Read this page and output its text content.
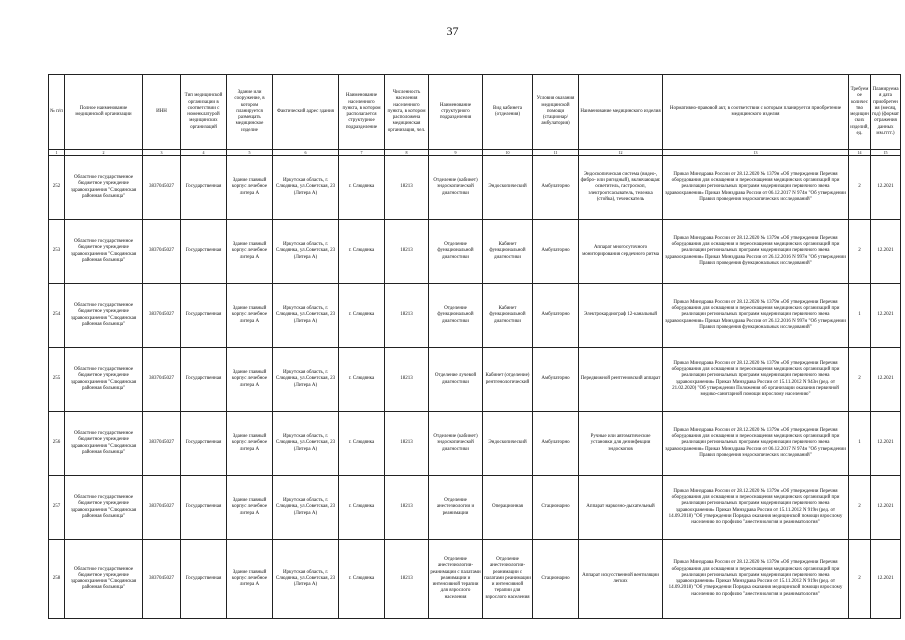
37
№ п/п	Полное наименование медицинской организации	ИНН	Тип медицинской организации в соответствии с номенклатурой медицинских организаций	Здание или сооружение, в котором планируется размещать медицинское изделие	Фактический адрес здания	Наименование населенного пункта, в котором располагается структурное подразделение	Численность населения населенного пункта, в котором расположена медицинская организация, чел.	Наименование структурного подразделения	Вид кабинета (отделения)	Условия оказания медицинской помощи (стационар/амбулатория)	Наименование медицинского изделия	Нормативно-правовой акт, в соответствии с которым планируется приобретение медицинского изделия	Требуемое количество медицинских изделий, ед.	Планируемая дата приобретения (месяц, год) (формат отражения данных мм.гггг.)
1	2	3	4	5	6	7	8	9	10	11	12	13	14	15
252	Областное государственное бюджетное учреждение здравоохранения "Слюдянская районная больница"	3837045027	Государственная	Здание главный корпус лечебное литера А	Иркутская область, г. Слюдянка, ул.Советская, 23 (Литера А)	г. Слюдянка	18213	Отделение (кабинет) эндоскопической диагностики	Эндоскопический	Амбулаторно	Эндоскопическая система (видео-, фибро- или ригидный), включающая: осветитель, гастроскоп, электроотсасыватель, тележка (стойка), течеискатель	Приказ Минздрава России от 28.12.2020 № 1379н «Об утверждении Перечня оборудования для оснащения и переоснащения медицинских организаций при реализации региональных программ модернизации первичного звена здравоохранения» Приказ Минздрава России от 06.12.2017 N 974н "Об утверждении Правил проведения эндоскопических исследований"	2	12.2021
253	Областное государственное бюджетное учреждение здравоохранения "Слюдянская районная больница"	3837045027	Государственная	Здание главный корпус лечебное литера А	Иркутская область, г. Слюдянка, ул.Советская, 23 (Литера А)	г. Слюдянка	18213	Отделение функциональной диагностики	Кабинет функциональной диагностики	Амбулаторно	Аппарат многосуточного мониторирования сердечного ритма	Приказ Минздрава России от 28.12.2020 № 1379н «Об утверждении Перечня оборудования для оснащения и переоснащения медицинских организаций при реализации региональных программ модернизации первичного звена здравоохранения» Приказ Минздрава России от 26.12.2016 N 997н "Об утверждении Правил проведения функциональных исследований"	2	12.2021
254	Областное государственное бюджетное учреждение здравоохранения "Слюдянская районная больница"	3837045027	Государственная	Здание главный корпус лечебное литера А	Иркутская область, г. Слюдянка, ул.Советская, 23 (Литера А)	г. Слюдянка	18213	Отделение функциональной диагностики	Кабинет функциональной диагностики	Амбулаторно	Электрокардиограф 12-канальный	Приказ Минздрава России от 28.12.2020 № 1379н «Об утверждении Перечня оборудования для оснащения и переоснащения медицинских организаций при реализации региональных программ модернизации первичного звена здравоохранения» Приказ Минздрава России от 26.12.2016 N 997н "Об утверждении Правил проведения функциональных исследований"	1	12.2021
255	Областное государственное бюджетное учреждение здравоохранения "Слюдянская районная больница"	3837045027	Государственная	Здание главный корпус лечебное литера А	Иркутская область, г. Слюдянка, ул.Советская, 23 (Литера А)	г. Слюдянка	18213	Отделение лучевой диагностики	Кабинет (отделение) рентгенологический	Амбулаторно	Передвижной рентгеновский аппарат	Приказ Минздрава России от 28.12.2020 № 1379н «Об утверждении Перечня оборудования для оснащения и переоснащения медицинских организаций при реализации региональных программ модернизации первичного звена здравоохранения» Приказ Минздрава России от 15.11.2012 N 943н (ред. от 21.02.2020) "Об утверждении Положения об организации оказания первичной медико-санитарной помощи взрослому населению"	2	12.2021
256	Областное государственное бюджетное учреждение здравоохранения "Слюдянская районная больница"	3837045027	Государственная	Здание главный корпус лечебное литера А	Иркутская область, г. Слюдянка, ул.Советская, 23 (Литера А)	г. Слюдянка	18213	Отделение (кабинет) эндоскопической диагностики	Эндоскопический	Амбулаторно	Ручные или автоматические установки для дезинфекции эндоскопов	Приказ Минздрава России от 28.12.2020 № 1379н «Об утверждении Перечня оборудования для оснащения и переоснащения медицинских организаций при реализации региональных программ модернизации первичного звена здравоохранения» Приказ Минздрава России от 06.12.2017 N 974н "Об утверждении Правил проведения эндоскопических исследований"	1	12.2021
257	Областное государственное бюджетное учреждение здравоохранения "Слюдянская районная больница"	3837045027	Государственная	Здание главный корпус лечебное литера А	Иркутская область, г. Слюдянка, ул.Советская, 23 (Литера А)	г. Слюдянка	18213	Отделение анестезиологии и реанимации	Операционная	Стационарно	Аппарат наркозно-дыхательный	Приказ Минздрава России от 28.12.2020 № 1379н «Об утверждении Перечня оборудования для оснащения и переоснащения медицинских организаций при реализации региональных программ модернизации первичного звена здравоохранения» Приказ Минздрава России от 15.11.2012 N 919н (ред. от 14.09.2018) "Об утверждении Порядка оказания медицинской помощи взрослому населению по профилю "анестезиология и реаниматология"	2	12.2021
258	Областное государственное бюджетное учреждение здравоохранения "Слюдянская районная больница"	3837045027	Государственная	Здание главный корпус лечебное литера А	Иркутская область, г. Слюдянка, ул.Советская, 23 (Литера А)	г. Слюдянка	18213	Отделение анестезиологии-реанимации с палатами реанимации и интенсивной терапии для взрослого населения	Отделение анестезиологии-реанимации с палатами реанимации и интенсивной терапии для взрослого населения	Стационарно	Аппарат искусственной вентиляции легких	Приказ Минздрава России от 28.12.2020 № 1379н «Об утверждении Перечня оборудования для оснащения и переоснащения медицинских организаций при реализации региональных программ модернизации первичного звена здравоохранения» Приказ Минздрава России от 15.11.2012 N 919н (ред. от 14.09.2018) "Об утверждении Порядка оказания медицинской помощи взрослому населению по профилю "анестезиология и реаниматология"	2	12.2021
